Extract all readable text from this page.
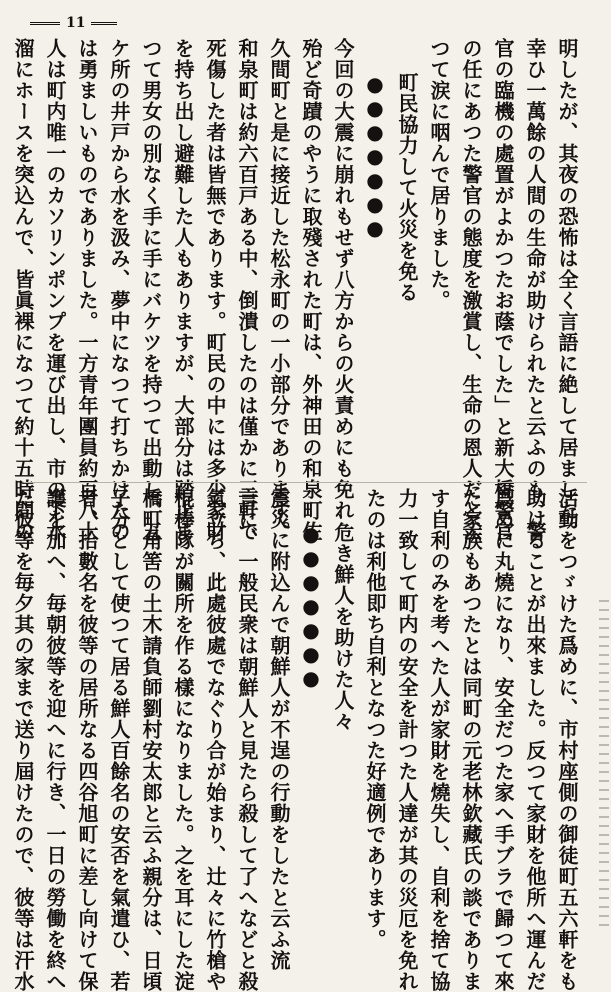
11
明したが、其夜の恐怖は全く言語に絶して居ました。
幸ひ一萬餘の人間の生命が助けられたと云ふのも、警
官の臨機の處置がよかつたお蔭でした」と新大橋警官
の任にあつた警官の態度を激賞し、生命の恩人だと云
つて涙に咽んで居りました。
町民協力して火災を免る
●●●●●●●
今回の大震に崩れもせず八方からの火責めにも免れ
殆ど奇蹟のやうに取殘された町は、外神田の和泉町佐
久間町と是に接近した松永町の一小部分であります。
和泉町は約六百戸ある中、倒潰したのは僅かに三軒で
死傷した者は皆無であります。町民の中には多少家財
を持ち出し避難した人もありますが、大部分は踏止ま
つて男女の別なく手に手にバケツを持つて出動し、五
ケ所の井戸から水を汲み、夢中になつて打ちかけたの
は勇ましいものでありました。一方青年團員約百八十
人は町内唯一のカソリンポンプを運び出し、市の下水
溜にホースを突込んで、皆眞裸になつて約十五時間の
活動をつゞけた爲めに、市村座側の御徒町五六軒をも
助けることが出來ました。反つて家財を他所へ運んだ
爲めに丸燒になり、安全だつた家へ手ブラで歸つて來
た家族もあつたとは同町の元老林欽藏氏の談でありま
す自利のみを考へた人が家財を燒失し、自利を捨て協
力一致して町内の安全を計つた人達が其の災厄を免れ
たのは利他即ち自利となつた好適例であります。
危き鮮人を助けた人々
●●●●●●●
震災に附込んで朝鮮人が不逞の行動をしたと云ふ流
言に、一般民衆は朝鮮人と見たら殺して了へなどと殺
氣立ち、此處彼處でなぐり合が始まり、辻々に竹槍や
棍棒隊が關所を作る樣になりました。之を耳にした淀
橋町角筈の土木請負師劉村安太郎と云ふ親分は、日頃
子分として使つて居る鮮人百餘名の安否を氣遣ひ、若
者、拾數名を彼等の居所なる四谷旭町に差し向けて保
護を加へ、毎朝彼等を迎へに行き、一日の勞働を終へ
た彼等を毎夕其の家まで送り屆けたので、彼等は汗水
